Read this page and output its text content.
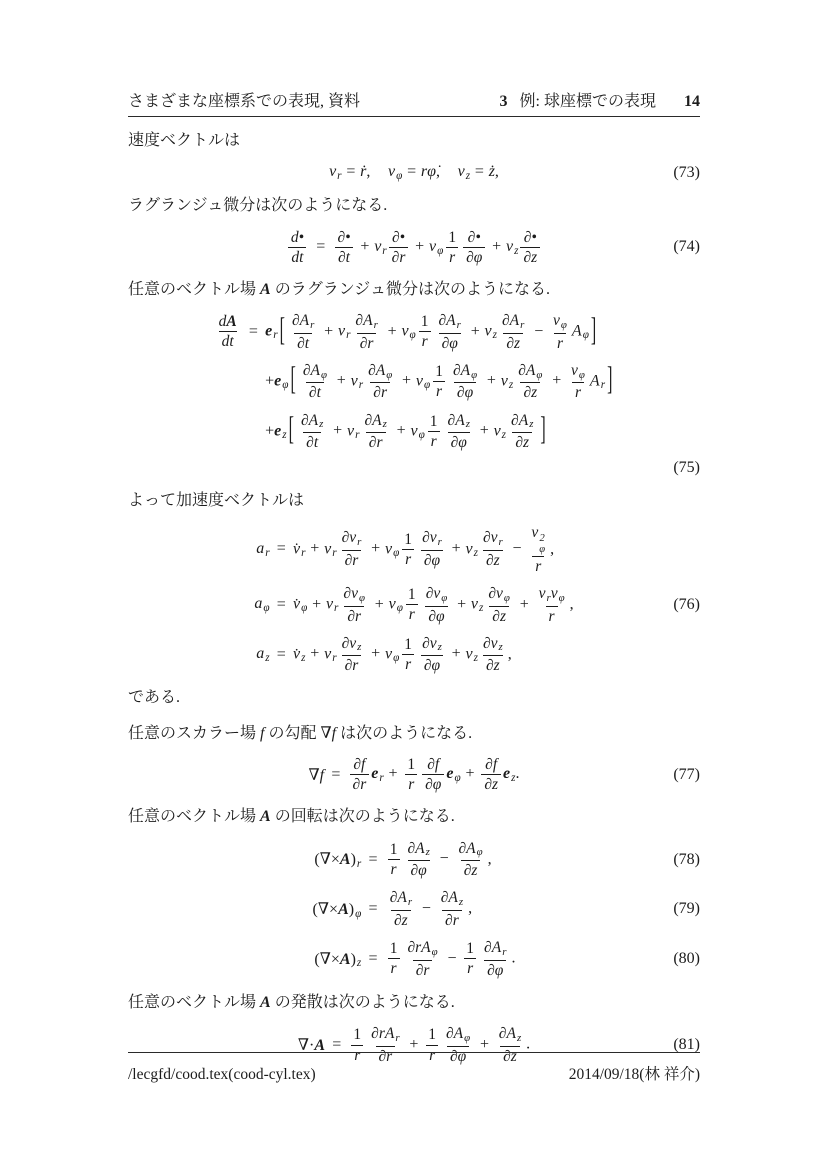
さまざまな座標系での表現, 資料	3 例: 球座標での表現 14
速度ベクトルは
vr = ṙ, vφ = rφ̇, vz = ż,	(73)
ラグランジュ微分は次のようになる.
$\frac{d•}{dt}$ =
∂•
∂t
+ vr
∂•
∂r
+ vφ $\frac{1}{r}$ ∂•
∂φ
+ vz
∂•
∂z
(74)
任意のベクトル場 A のラグランジュ微分は次のようになる.
$\frac{dA}{dt}$ = er [ $\frac{\partial Ar}{\partial t}$ + vr $\frac{\partial Ar}{\partial r} + v\varphi \frac{1}{r} \frac{\partial Ar}{\partial\varphi}$ + vz $\frac{\partial Ar}{\partial z} - \frac{v\varphi}{r}$ Aφ ]
+eφ [ $\frac{\partial A\varphi}{\partial t}$ + vr $\frac{\partial A\varphi}{\partial r} + v\varphi \frac{1}{r} \frac{\partial A\varphi}{\partial\varphi}$ + vz $\frac{\partial A\varphi}{\partial z} + \frac{v\varphi}{r}$ Ar ]
+ez [ $\frac{\partial Az}{\partial t}$ + vr $\frac{\partial Az}{\partial r} + v\varphi \frac{1}{r} \frac{\partial Az}{\partial\varphi}$ + vz $\frac{\partial Az}{\partial z}$ ]
(75)
よって加速度ベクトルは
ar = v̇r + vr $\frac{\partial vr}{\partial r} + v\varphi \frac{1}{r} \frac{\partial vr}{\partial\varphi}$ + vz $\frac{\partial vr}{\partial z} - v$ 2
φ
r ,
aφ = v̇φ + vr $\frac{\partial v\varphi}{\partial r} + v\varphi \frac{1}{r} \frac{\partial v\varphi}{\partial\varphi}$ + vz $\frac{\partial v\varphi}{\partial z}$ +
vrvφ
r
,	(76)
az = v̇z + vr $\frac{\partial vz}{\partial r} + v\varphi \frac{1}{r} \frac{\partial vz}{\partial\varphi}$ + vz $\frac{\partial vz}{\partial z}$ ,
である.
任意のスカラー場 f の勾配 ∇f は次のようになる.
$\nabla f = \frac{\partial f}{\partial r}$ er + $\frac{1}{r} \frac{\partial f}{\partial\varphi}$ $e\varphi + \frac{\partial f}{\partial z}$ ez.	(77)
任意のベクトル場 A の回転は次のようになる.
$(\nabla\times A)r = \frac{1}{r} \frac{\partial Az}{\partial\varphi} - \frac{\partial A\varphi}{\partial z}$ ,	(78)
$(\nabla\times A)\varphi = \frac{\partial Ar}{\partial z} - \frac{\partial Az}{\partial r}$ ,	(79)
$(\nabla\times A)z = \frac{1}{r} \partial rA\varphi$
∂r
− $\frac{1}{r} \frac{\partial Ar}{\partial\varphi}$ .	(80)
任意のベクトル場 A の発散は次のようになる.
$\nabla\cdot A = \frac{1}{r} \partial rAr$
∂r
+ $\frac{1}{r} \frac{\partial A\varphi}{\partial\varphi} + \frac{\partial Az}{\partial z}$ .	(81)
/lecgfd/cood.tex(cood-cyl.tex)	2014/09/18(林 祥介)
